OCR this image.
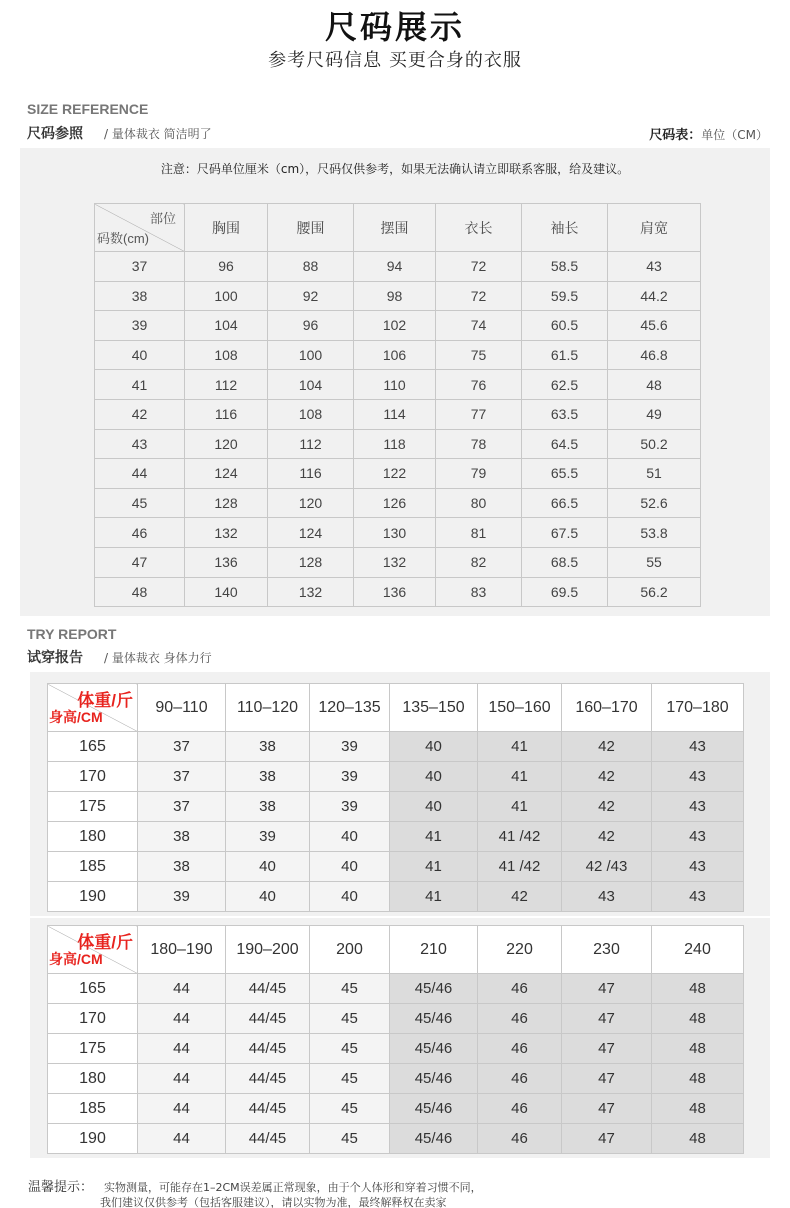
尺码展示
参考尺码信息 买更合身的衣服
SIZE REFERENCE
尺码参照 / 量体裁衣 简洁明了	尺码表：单位（CM）
注意：尺码单位厘米（cm），尺码仅供参考，如果无法确认请立即联系客服，给及建议。
部位
码数(cm)	胸围	腰围	摆围	衣长	袖长	肩宽
37	96	88	94	72	58.5	43
38	100	92	98	72	59.5	44.2
39	104	96	102	74	60.5	45.6
40	108	100	106	75	61.5	46.8
41	112	104	110	76	62.5	48
42	116	108	114	77	63.5	49
43	120	112	118	78	64.5	50.2
44	124	116	122	79	65.5	51
45	128	120	126	80	66.5	52.6
46	132	124	130	81	67.5	53.8
47	136	128	132	82	68.5	55
48	140	132	136	83	69.5	56.2
TRY REPORT
试穿报告 / 量体裁衣 身体力行
体重/斤
身高/CM	90–110	110–120	120–135	135–150	150–160	160–170	170–180
165	37	38	39	40	41	42	43
170	37	38	39	40	41	42	43
175	37	38	39	40	41	42	43
180	38	39	40	41	41 /42	42	43
185	38	40	40	41	41 /42	42 /43	43
190	39	40	40	41	42	43	43
体重/斤
身高/CM	180–190	190–200	200	210	220	230	240
165	44	44/45	45	45/46	46	47	48
170	44	44/45	45	45/46	46	47	48
175	44	44/45	45	45/46	46	47	48
180	44	44/45	45	45/46	46	47	48
185	44	44/45	45	45/46	46	47	48
190	44	44/45	45	45/46	46	47	48
温馨提示： 实物测量，可能存在1–2CM误差属正常现象，由于个人体形和穿着习惯不同，
我们建议仅供参考（包括客服建议），请以实物为准，最终解释权在卖家
